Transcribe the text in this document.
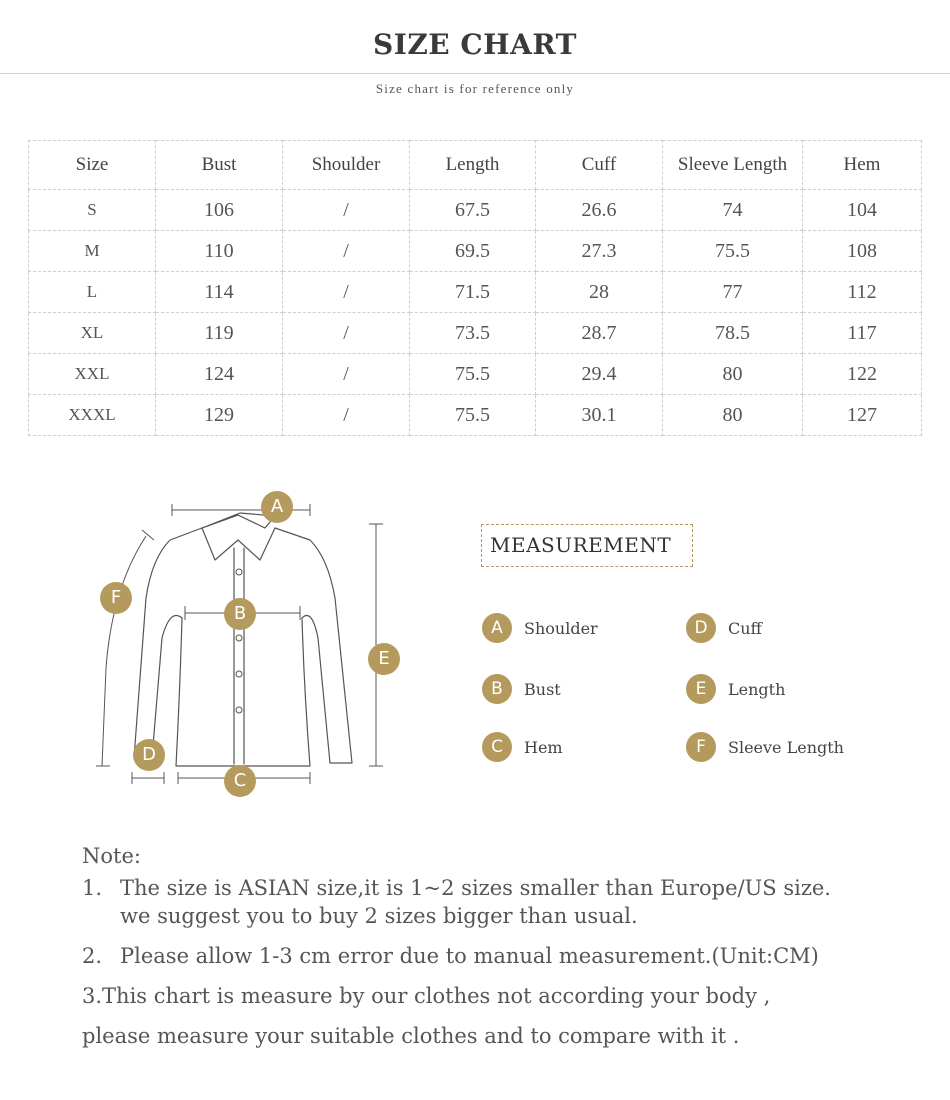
SIZE CHART
Size chart is for reference only
Size	Bust	Shoulder	Length	Cuff	Sleeve Length	Hem
S	106	/	67.5	26.6	74	104
M	110	/	69.5	27.3	75.5	108
L	114	/	71.5	28	77	112
XL	119	/	73.5	28.7	78.5	117
XXL	124	/	75.5	29.4	80	122
XXXL	129	/	75.5	30.1	80	127
A
B
C
D
E
F
MEASUREMENT
A	Shoulder	D	Cuff
B	Bust	E	Length
C	Hem	F	Sleeve Length
Note:
1. The size is ASIAN size,it is 1~2 sizes smaller than Europe/US size.
we suggest you to buy 2 sizes bigger than usual.
2. Please allow 1-3 cm error due to manual measurement.(Unit:CM)
3.This chart is measure by our clothes not according your body ,
please measure your suitable clothes and to compare with it .
